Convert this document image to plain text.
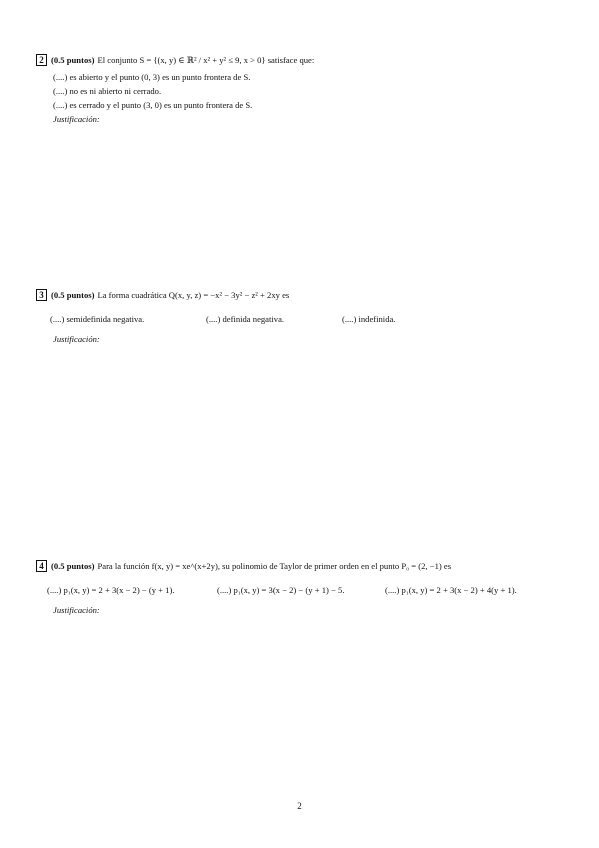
2 (0.5 puntos) El conjunto S = {(x, y) ∈ ℝ² / x² + y² ≤ 9, x > 0} satisface que:
(....) es abierto y el punto (0, 3) es un punto frontera de S.
(....) no es ni abierto ni cerrado.
(....) es cerrado y el punto (3, 0) es un punto frontera de S.
Justificación:
3 (0.5 puntos) La forma cuadrática Q(x, y, z) = −x² − 3y² − z² + 2xy es
(....) semidefinida negativa.	(....) definida negativa.	(....) indefinida.
Justificación:
4 (0.5 puntos) Para la función f(x, y) = xe^(x+2y), su polinomio de Taylor de primer orden en el punto P₀ = (2, −1) es
(....) p₁(x, y) = 2 + 3(x − 2) − (y + 1).	(....) p₁(x, y) = 3(x − 2) − (y + 1) − 5.	(....) p₁(x, y) = 2 + 3(x − 2) + 4(y + 1).
Justificación:
2
